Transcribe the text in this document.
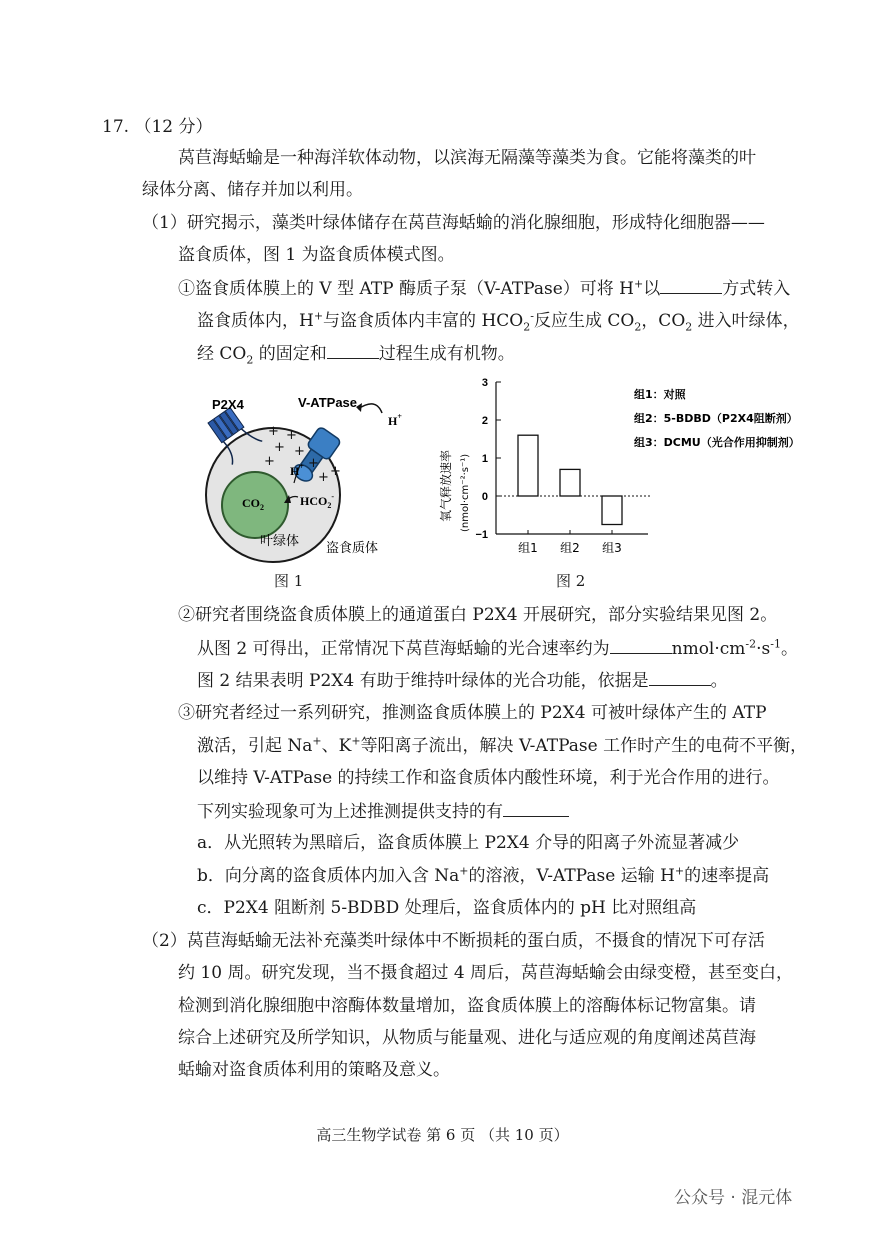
17. （12 分）
莴苣海蛞蝓是一种海洋软体动物，以滨海无隔藻等藻类为食。它能将藻类的叶
绿体分离、储存并加以利用。
（1）研究揭示，藻类叶绿体储存在莴苣海蛞蝓的消化腺细胞，形成特化细胞器——
盗食质体，图 1 为盗食质体模式图。
①盗食质体膜上的 V 型 ATP 酶质子泵（V-ATPase）可将 H+以	方式转入
盗食质体内，H+与盗食质体内丰富的 $HCO_2^-$反应生成 $CO_2$，$CO_2$ 进入叶绿体，
经 $CO_2$ 的固定和	过程生成有机物。
+ +
+ +
+	+
+ +
P2X4	V-ATPase
H+
H+
$CO_2$	$HCO_2^-$
叶绿体 盗食质体
图 1
氧气释放速率 (nmol·cm⁻²·s⁻¹)
3
2
1
0
−1
组1 组2 组3
组1：对照
组2：5-BDBD（P2X4阻断剂）
组3：DCMU（光合作用抑制剂）
图 2
②研究者围绕盗食质体膜上的通道蛋白 P2X4 开展研究，部分实验结果见图 2。
从图 2 可得出，正常情况下莴苣海蛞蝓的光合速率约为	$nmol\cdot cm^{-2}\cdot s^{-1}$。
图 2 结果表明 P2X4 有助于维持叶绿体的光合功能，依据是	。
③研究者经过一系列研究，推测盗食质体膜上的 P2X4 可被叶绿体产生的 ATP
激活，引起 Na+、K+等阳离子流出，解决 V-ATPase 工作时产生的电荷不平衡，
以维持 V-ATPase 的持续工作和盗食质体内酸性环境，利于光合作用的进行。
下列实验现象可为上述推测提供支持的有
a．从光照转为黑暗后，盗食质体膜上 P2X4 介导的阳离子外流显著减少
b．向分离的盗食质体内加入含 Na+的溶液，V-ATPase 运输 H+的速率提高
c．P2X4 阻断剂 5-BDBD 处理后，盗食质体内的 pH 比对照组高
（2）莴苣海蛞蝓无法补充藻类叶绿体中不断损耗的蛋白质，不摄食的情况下可存活
约 10 周。研究发现，当不摄食超过 4 周后，莴苣海蛞蝓会由绿变橙，甚至变白，
检测到消化腺细胞中溶酶体数量增加，盗食质体膜上的溶酶体标记物富集。请
综合上述研究及所学知识，从物质与能量观、进化与适应观的角度阐述莴苣海
蛞蝓对盗食质体利用的策略及意义。
高三生物学试卷 第 6 页 （共 10 页）
公众号 · 混元体
